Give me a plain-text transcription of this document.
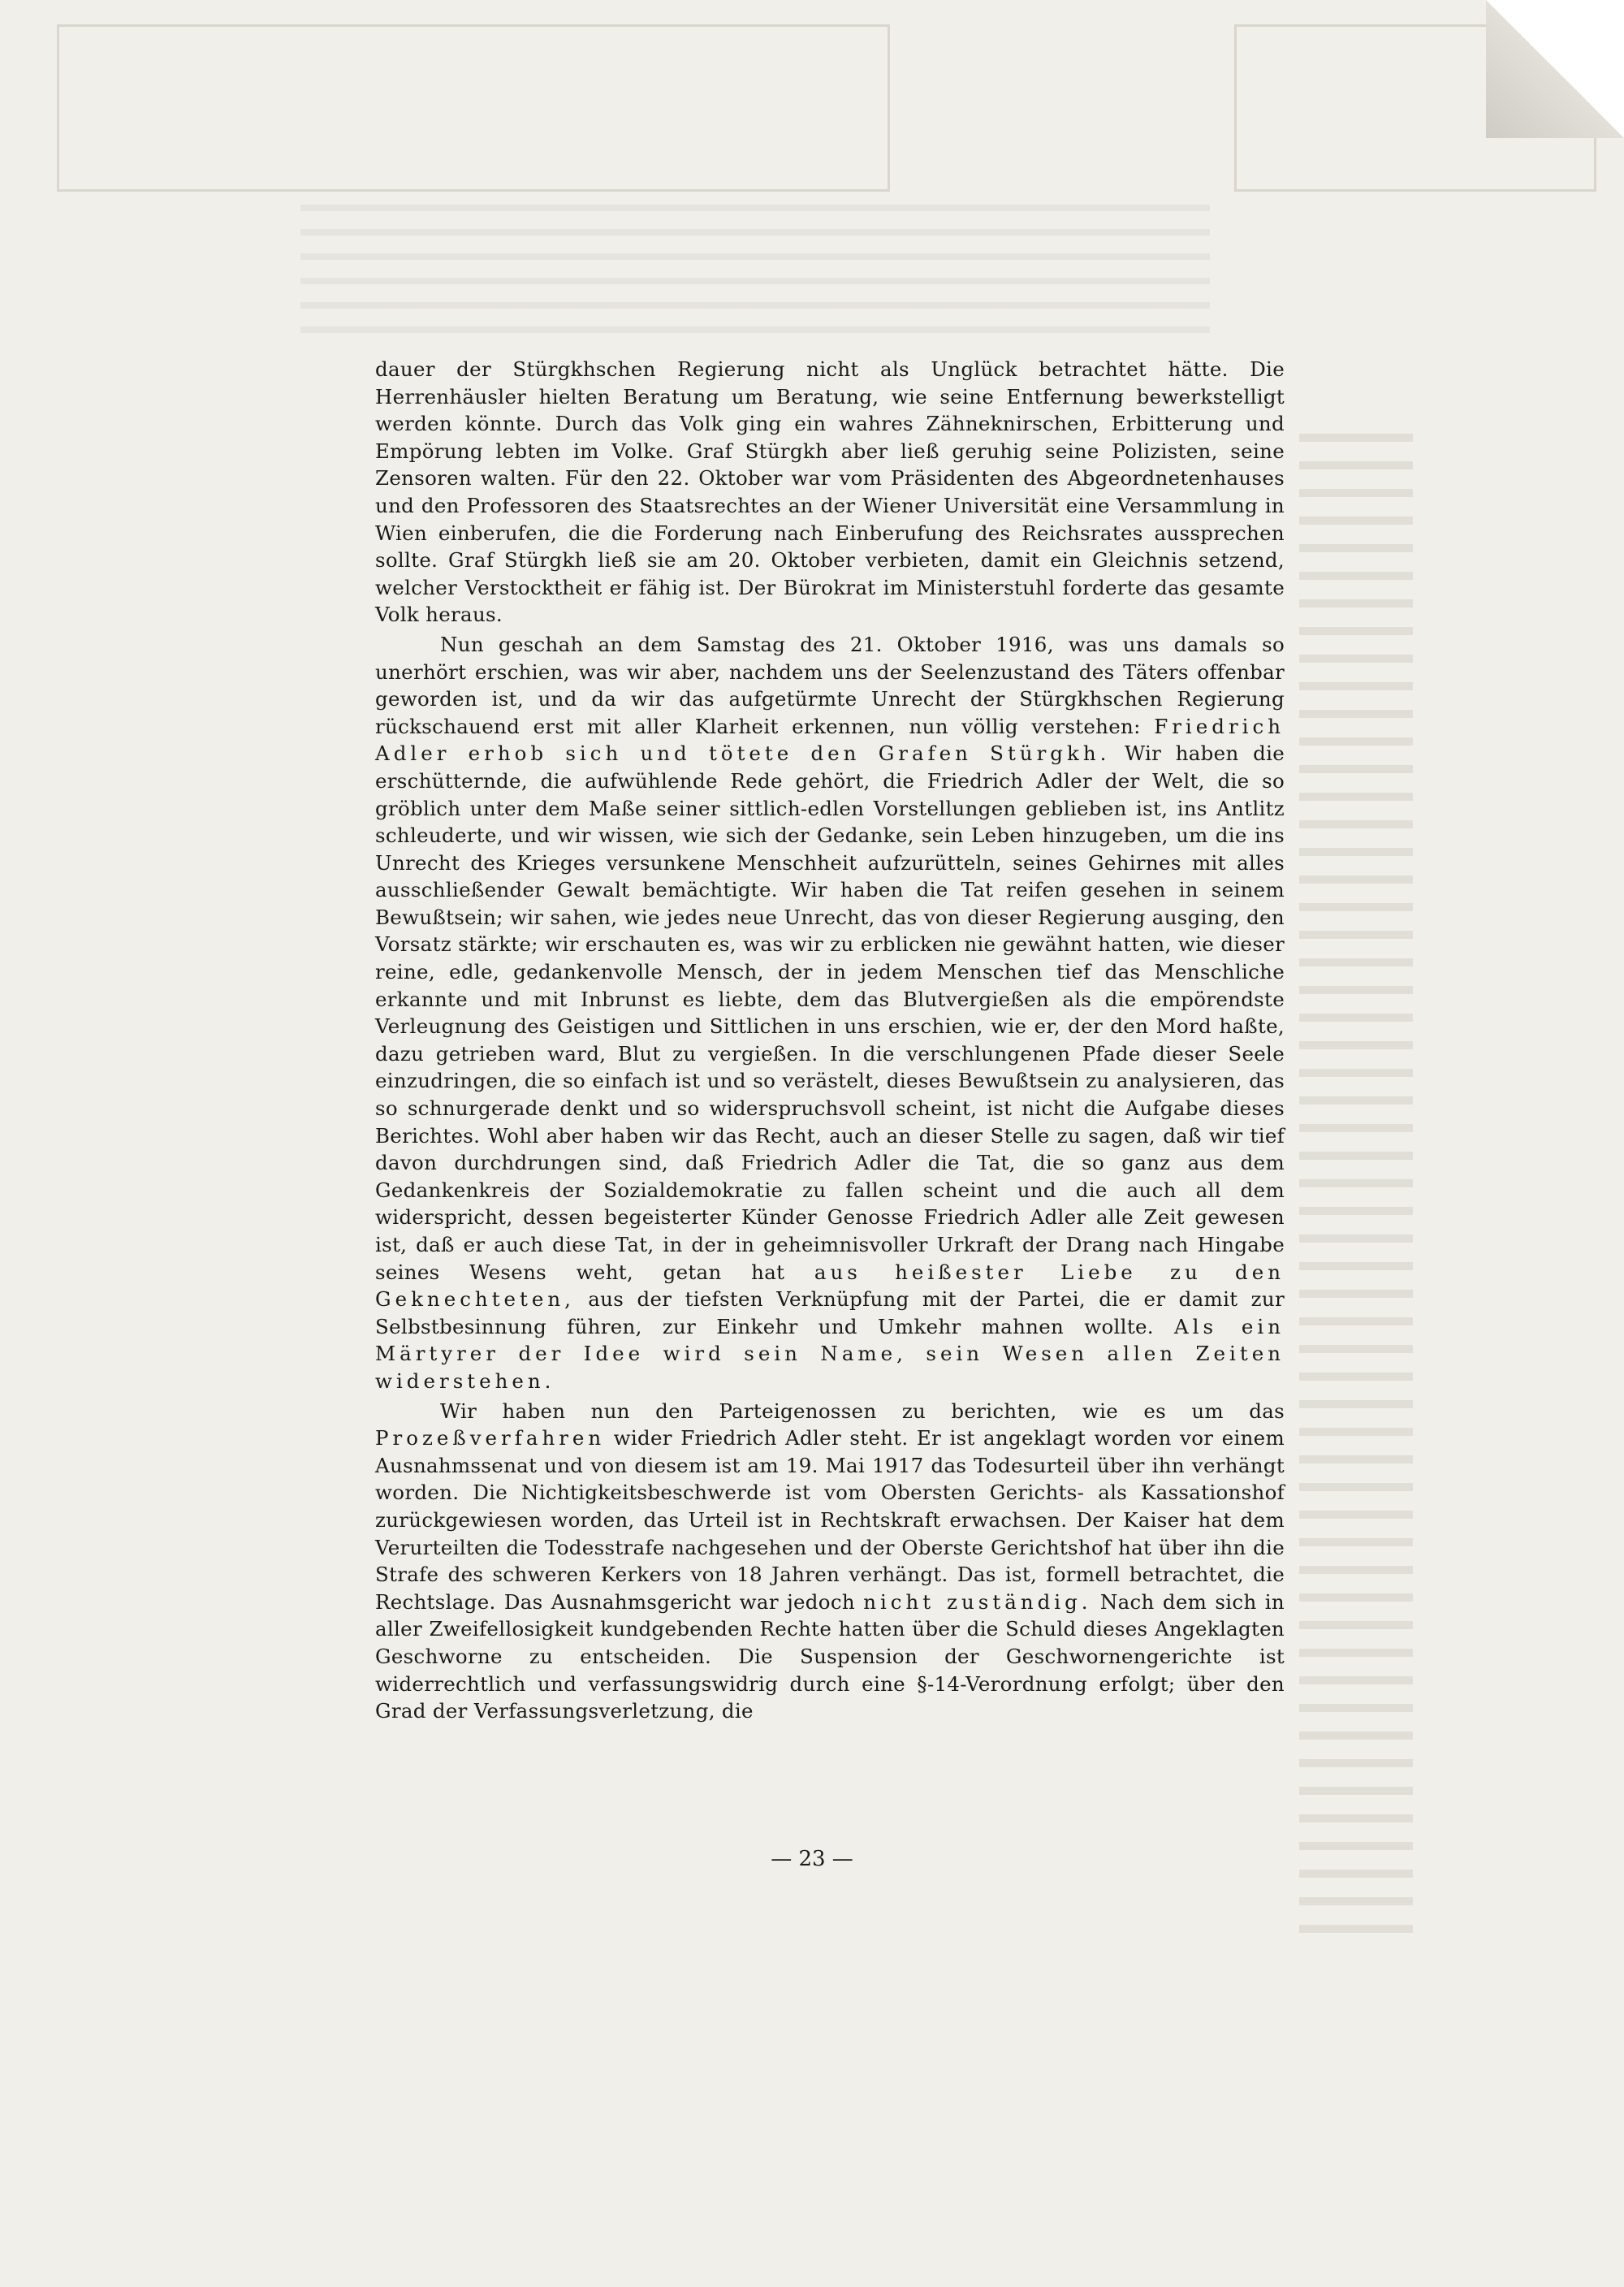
dauer der Stürgkhschen Regierung nicht als Unglück betrachtet hätte. Die Herrenhäusler hielten Beratung um Beratung, wie seine Entfernung bewerkstelligt werden könnte. Durch das Volk ging ein wahres Zähneknirschen, Erbitterung und Empörung lebten im Volke. Graf Stürgkh aber ließ geruhig seine Polizisten, seine Zensoren walten. Für den 22. Oktober war vom Präsidenten des Abgeordnetenhauses und den Professoren des Staatsrechtes an der Wiener Universität eine Versammlung in Wien einberufen, die die Forderung nach Einberufung des Reichsrates aussprechen sollte. Graf Stürgkh ließ sie am 20. Oktober verbieten, damit ein Gleichnis setzend, welcher Verstocktheit er fähig ist. Der Bürokrat im Ministerstuhl forderte das gesamte Volk heraus.

Nun geschah an dem Samstag des 21. Oktober 1916, was uns damals so unerhört erschien, was wir aber, nachdem uns der Seelenzustand des Täters offenbar geworden ist, und da wir das aufgetürmte Unrecht der Stürgkhschen Regierung rückschauend erst mit aller Klarheit erkennen, nun völlig verstehen: Friedrich Adler erhob sich und tötete den Grafen Stürgkh. Wir haben die erschütternde, die aufwühlende Rede gehört, die Friedrich Adler der Welt, die so gröblich unter dem Maße seiner sittlich-edlen Vorstellungen geblieben ist, ins Antlitz schleuderte, und wir wissen, wie sich der Gedanke, sein Leben hinzugeben, um die ins Unrecht des Krieges versunkene Menschheit aufzurütteln, seines Gehirnes mit alles ausschließender Gewalt bemächtigte. Wir haben die Tat reifen gesehen in seinem Bewußtsein; wir sahen, wie jedes neue Unrecht, das von dieser Regierung ausging, den Vorsatz stärkte; wir erschauten es, was wir zu erblicken nie gewähnt hatten, wie dieser reine, edle, gedankenvolle Mensch, der in jedem Menschen tief das Menschliche erkannte und mit Inbrunst es liebte, dem das Blutvergießen als die empörendste Verleugnung des Geistigen und Sittlichen in uns erschien, wie er, der den Mord haßte, dazu getrieben ward, Blut zu vergießen. In die verschlungenen Pfade dieser Seele einzudringen, die so einfach ist und so verästelt, dieses Bewußtsein zu analysieren, das so schnurgerade denkt und so widerspruchsvoll scheint, ist nicht die Aufgabe dieses Berichtes. Wohl aber haben wir das Recht, auch an dieser Stelle zu sagen, daß wir tief davon durchdrungen sind, daß Friedrich Adler die Tat, die so ganz aus dem Gedankenkreis der Sozialdemokratie zu fallen scheint und die auch all dem widerspricht, dessen begeisterter Künder Genosse Friedrich Adler alle Zeit gewesen ist, daß er auch diese Tat, in der in geheimnisvoller Urkraft der Drang nach Hingabe seines Wesens weht, getan hat aus heißester Liebe zu den Geknechteten, aus der tiefsten Verknüpfung mit der Partei, die er damit zur Selbstbesinnung führen, zur Einkehr und Umkehr mahnen wollte. Als ein Märtyrer der Idee wird sein Name, sein Wesen allen Zeiten widerstehen.

Wir haben nun den Parteigenossen zu berichten, wie es um das Prozeßverfahren wider Friedrich Adler steht. Er ist angeklagt worden vor einem Ausnahmssenat und von diesem ist am 19. Mai 1917 das Todesurteil über ihn verhängt worden. Die Nichtigkeitsbeschwerde ist vom Obersten Gerichts- als Kassationshof zurückgewiesen worden, das Urteil ist in Rechtskraft erwachsen. Der Kaiser hat dem Verurteilten die Todesstrafe nachgesehen und der Oberste Gerichtshof hat über ihn die Strafe des schweren Kerkers von 18 Jahren verhängt. Das ist, formell betrachtet, die Rechtslage. Das Ausnahmsgericht war jedoch nicht zuständig. Nach dem sich in aller Zweifellosigkeit kundgebenden Rechte hatten über die Schuld dieses Angeklagten Geschworne zu entscheiden. Die Suspension der Geschwornengerichte ist widerrechtlich und verfassungswidrig durch eine §-14-Verordnung erfolgt; über den Grad der Verfassungsverletzung, die

— 23 —
